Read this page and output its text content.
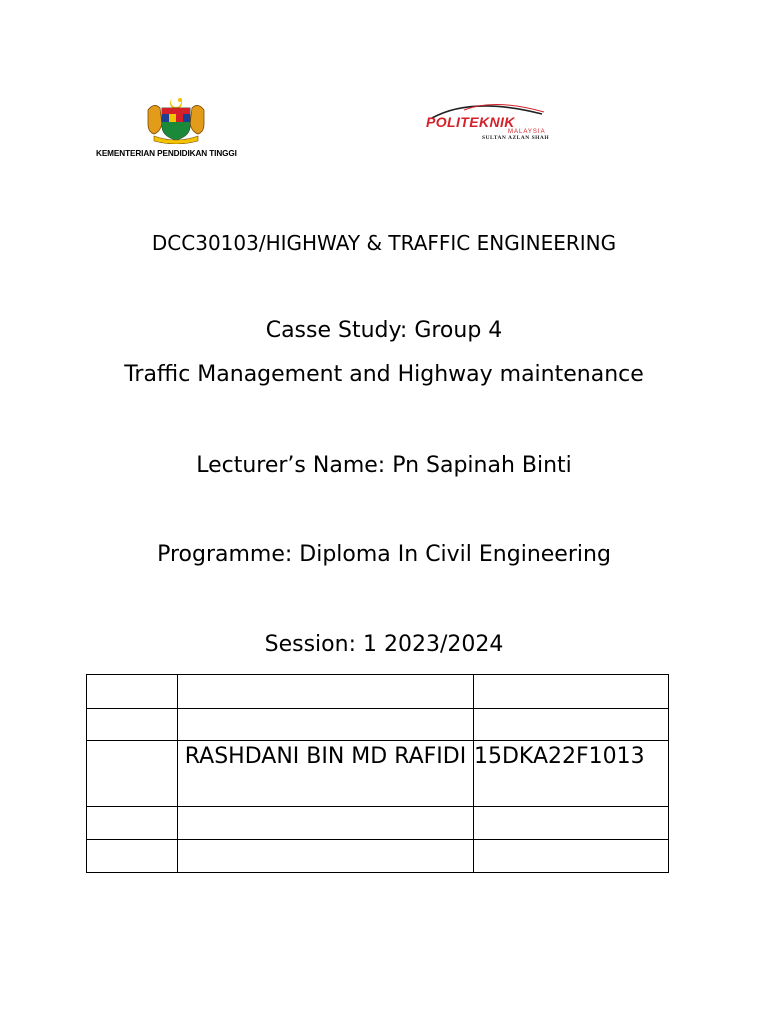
KEMENTERIAN PENDIDIKAN TINGGI
POLITEKNIK
MALAYSIA
SULTAN AZLAN SHAH
DCC30103/HIGHWAY & TRAFFIC ENGINEERING
Casse Study: Group 4
Traffic Management and Highway maintenance
Lecturer’s Name: Pn Sapinah Binti
Programme: Diploma In Civil Engineering
Session: 1 2023/2024

	RASHDANI BIN MD RAFIDI	15DKA22F1013
